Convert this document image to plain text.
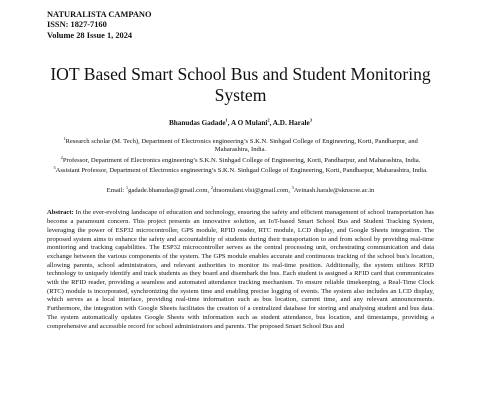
NATURALISTA CAMPANO
ISSN: 1827-7160
Volume 28 Issue 1, 2024
IOT Based Smart School Bus and Student Monitoring System
Bhanudas Gadade$^1$, A O Mulani$^2$, A.D. Harale$^3$

$^1$Research scholar (M. Tech), Department of Electronics engineering’s S.K.N. Sinhgad College of Engineering, Korti, Pandharpur, and Maharashtra, India.

$^2$Professor, Department of Electronics engineering’s S.K.N. Sinhgad College of Engineering, Korti, Pandharpur, and Maharashtra, India.

$^3$Assistant Professor, Department of Electronics engineering’s S.K.N. Sinhgad College of Engineering, Korti, Pandharpur, Maharashtra, India.

Email: $^1$gadade.bhanudas@gmail.com, $^2$draomulani.vlsi@gmail.com, $^3$Avinash.harale@sknscoe.ac.in
Abstract: In the ever-evolving landscape of education and technology, ensuring the safety and efficient management of school transportation has become a paramount concern. This project presents an innovative solution, an IoT-based Smart School Bus and Student Tracking System, leveraging the power of ESP32 microcontroller, GPS module, RFID reader, RTC module, LCD display, and Google Sheets integration. The proposed system aims to enhance the safety and accountability of students during their transportation to and from school by providing real-time monitoring and tracking capabilities. The ESP32 microcontroller serves as the central processing unit, orchestrating communication and data exchange between the various components of the system. The GPS module enables accurate and continuous tracking of the school bus's location, allowing parents, school administrators, and relevant authorities to monitor its real-time position. Additionally, the system utilizes RFID technology to uniquely identify and track students as they board and disembark the bus. Each student is assigned a RFID card that communicates with the RFID reader, providing a seamless and automated attendance tracking mechanism. To ensure reliable timekeeping, a Real-Time Clock (RTC) module is incorporated, synchronizing the system time and enabling precise logging of events. The system also includes an LCD display, which serves as a local interface, providing real-time information such as bus location, current time, and any relevant announcements. Furthermore, the integration with Google Sheets facilitates the creation of a centralized database for storing and analysing student and bus data. The system automatically updates Google Sheets with information such as student attendance, bus location, and timestamps, providing a comprehensive and accessible record for school administrators and parents. The proposed Smart School Bus and
